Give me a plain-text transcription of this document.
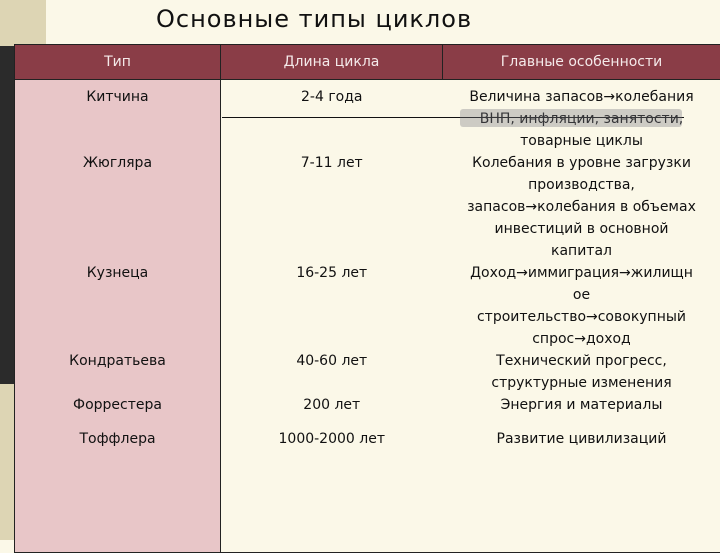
Основные типы циклов
Тип	Длина цикла	Главные особенности
Китчина	2-4 года	Величина запасов→колебания
ВНП, инфляции, занятости,
товарные циклы

Жюгляра	7-11 лет	Колебания в уровне загрузки
производства,
запасов→колебания в объемах
инвестиций в основной
капитал

Кузнеца	16-25 лет	Доход→иммиграция→жилищн
ое
строительство→совокупный
спрос→доход

Кондратьева	40-60 лет	Технический прогресс,
структурные изменения

Форрестера	200 лет	Энергия и материалы

Тоффлера	1000-2000 лет	Развитие цивилизаций
